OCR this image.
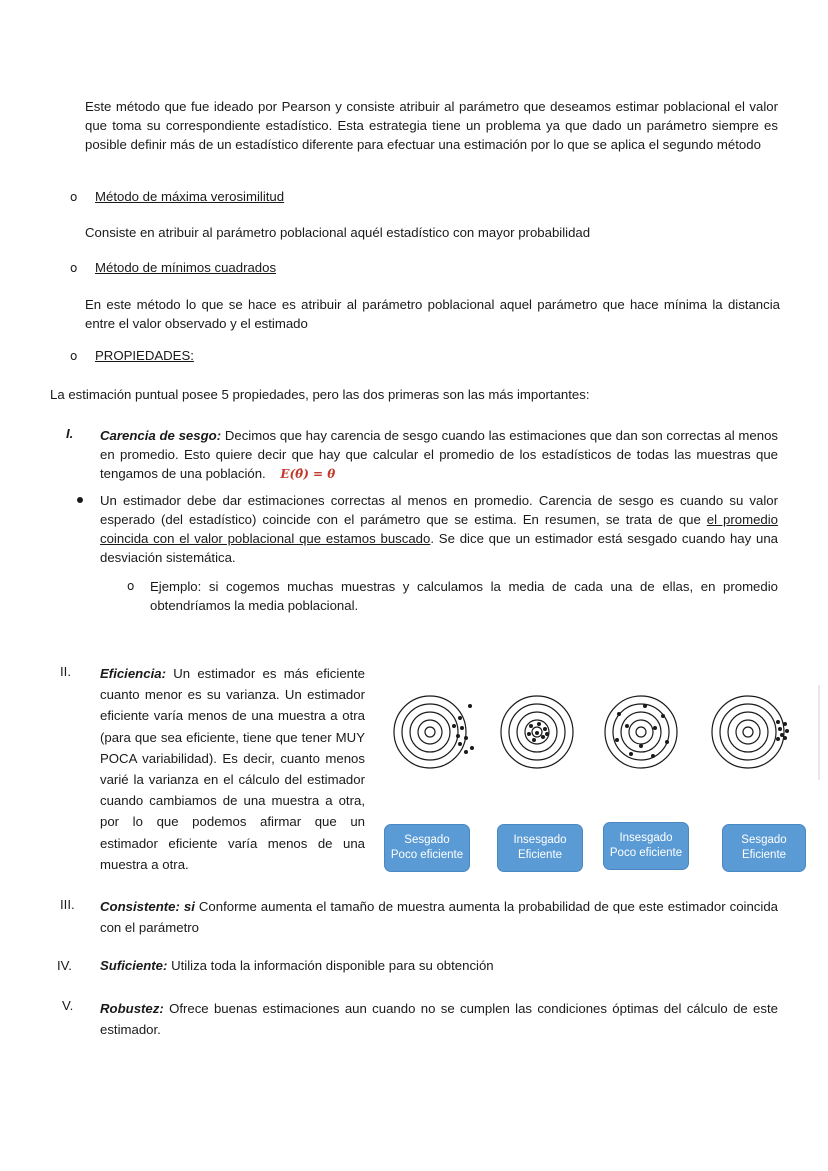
Este método que fue ideado por Pearson y consiste atribuir al parámetro que deseamos estimar poblacional el valor que toma su correspondiente estadístico. Esta estrategia tiene un problema ya que dado un parámetro siempre es posible definir más de un estadístico diferente para efectuar una estimación por lo que se aplica el segundo método
o Método de máxima verosimilitud
Consiste en atribuir al parámetro poblacional aquél estadístico con mayor probabilidad
o Método de mínimos cuadrados
En este método lo que se hace es atribuir al parámetro poblacional aquel parámetro que hace mínima la distancia entre el valor observado y el estimado
o PROPIEDADES:
La estimación puntual posee 5 propiedades, pero las dos primeras son las más importantes:
I. Carencia de sesgo: Decimos que hay carencia de sesgo cuando las estimaciones que dan son correctas al menos en promedio. Esto quiere decir que hay que calcular el promedio de los estadísticos de todas las muestras que tengamos de una población. E(θ̂) = θ
Un estimador debe dar estimaciones correctas al menos en promedio. Carencia de sesgo es cuando su valor esperado (del estadístico) coincide con el parámetro que se estima. En resumen, se trata de que el promedio coincida con el valor poblacional que estamos buscado. Se dice que un estimador está sesgado cuando hay una desviación sistemática.
o Ejemplo: si cogemos muchas muestras y calculamos la media de cada una de ellas, en promedio obtendríamos la media poblacional.
II. Eficiencia: Un estimador es más eficiente cuanto menor es su varianza. Un estimador eficiente varía menos de una muestra a otra (para que sea eficiente, tiene que tener MUY POCA variabilidad). Es decir, cuanto menos varié la varianza en el cálculo del estimador cuando cambiamos de una muestra a otra, por lo que podemos afirmar que un estimador eficiente varía menos de una muestra a otra.
Sesgado
Poco eficiente
Insesgado
Eficiente
Insesgado
Poco eficiente
Sesgado
Eficiente
III. Consistente: si Conforme aumenta el tamaño de muestra aumenta la probabilidad de que este estimador coincida con el parámetro
IV. Suficiente: Utiliza toda la información disponible para su obtención
V. Robustez: Ofrece buenas estimaciones aun cuando no se cumplen las condiciones óptimas del cálculo de este estimador.
